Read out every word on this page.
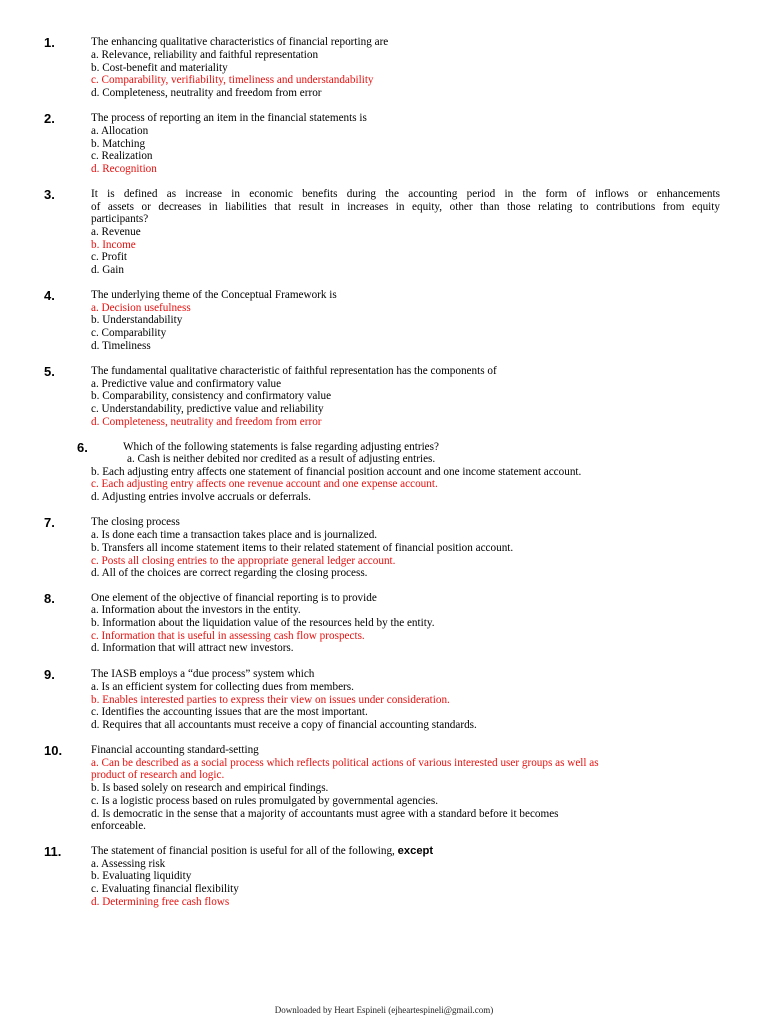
1.	The enhancing qualitative characteristics of financial reporting are
a. Relevance, reliability and faithful representation
b. Cost-benefit and materiality
c. Comparability, verifiability, timeliness and understandability
d. Completeness, neutrality and freedom from error
2.	The process of reporting an item in the financial statements is
a. Allocation
b. Matching
c. Realization
d. Recognition
3.	It is defined as increase in economic benefits during the accounting period in the form of inflows or enhancements
of assets or decreases in liabilities that result in increases in equity, other than those relating to contributions from equity
participants?
a. Revenue
b. Income
c. Profit
d. Gain
4.	The underlying theme of the Conceptual Framework is
a. Decision usefulness
b. Understandability
c. Comparability
d. Timeliness
5.	The fundamental qualitative characteristic of faithful representation has the components of
a. Predictive value and confirmatory value
b. Comparability, consistency and confirmatory value
c. Understandability, predictive value and reliability
d. Completeness, neutrality and freedom from error
6.	Which of the following statements is false regarding adjusting entries?
a. Cash is neither debited nor credited as a result of adjusting entries.
b. Each adjusting entry affects one statement of financial position account and one income statement account.
c. Each adjusting entry affects one revenue account and one expense account.
d. Adjusting entries involve accruals or deferrals.
7.	The closing process
a. Is done each time a transaction takes place and is journalized.
b. Transfers all income statement items to their related statement of financial position account.
c. Posts all closing entries to the appropriate general ledger account.
d. All of the choices are correct regarding the closing process.
8.	One element of the objective of financial reporting is to provide
a. Information about the investors in the entity.
b. Information about the liquidation value of the resources held by the entity.
c. Information that is useful in assessing cash flow prospects.
d. Information that will attract new investors.
9.	The IASB employs a “due process” system which
a. Is an efficient system for collecting dues from members.
b. Enables interested parties to express their view on issues under consideration.
c. Identifies the accounting issues that are the most important.
d. Requires that all accountants must receive a copy of financial accounting standards.
10.	Financial accounting standard-setting
a. Can be described as a social process which reflects political actions of various interested user groups as well as
product of research and logic.
b. Is based solely on research and empirical findings.
c. Is a logistic process based on rules promulgated by governmental agencies.
d. Is democratic in the sense that a majority of accountants must agree with a standard before it becomes
enforceable.
11.	The statement of financial position is useful for all of the following, except
a. Assessing risk
b. Evaluating liquidity
c. Evaluating financial flexibility
d. Determining free cash flows
Downloaded by Heart Espineli (ejheartespineli@gmail.com)
